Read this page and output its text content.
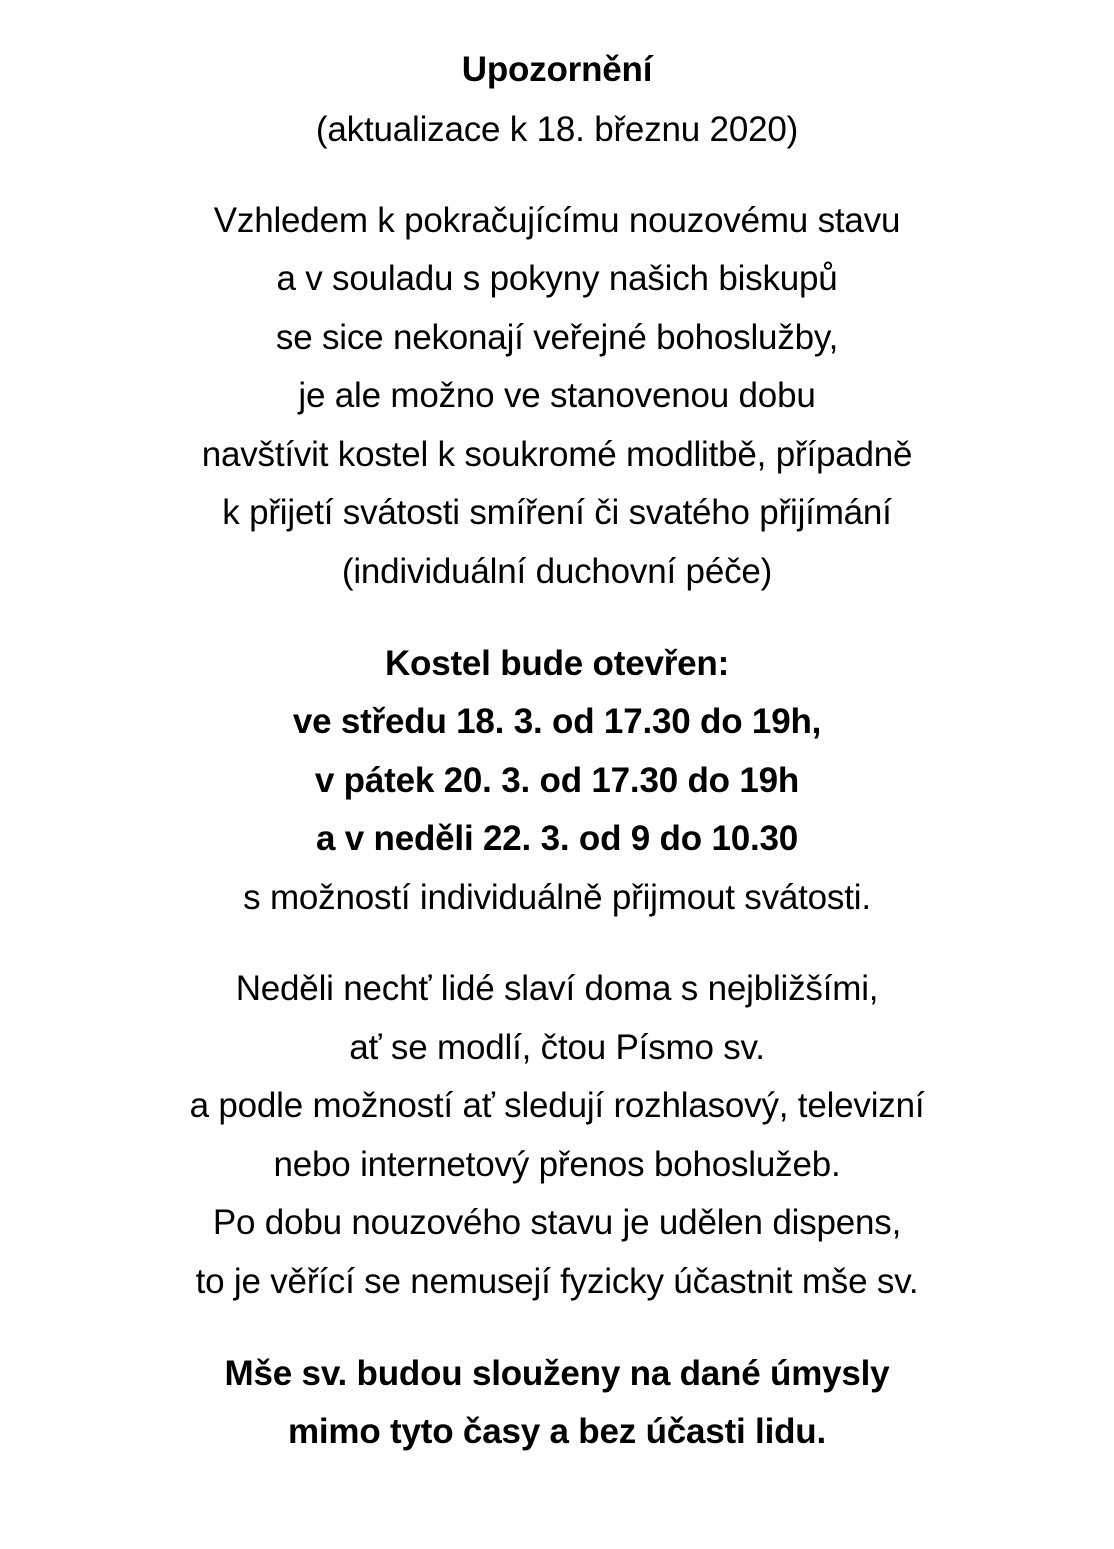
Upozornění
(aktualizace k 18. březnu 2020)
Vzhledem k pokračujícímu nouzovému stavu
a v souladu s pokyny našich biskupů
se sice nekonají veřejné bohoslužby,
je ale možno ve stanovenou dobu
navštívit kostel k soukromé modlitbě, případně
k přijetí svátosti smíření či svatého přijímání
(individuální duchovní péče)
Kostel bude otevřen:
ve středu 18. 3. od 17.30 do 19h,
v pátek 20. 3. od 17.30 do 19h
a v neděli 22. 3. od 9 do 10.30
s možností individuálně přijmout svátosti.
Neděli nechť lidé slaví doma s nejbližšími,
ať se modlí, čtou Písmo sv.
a podle možností ať sledují rozhlasový, televizní
nebo internetový přenos bohoslužeb.
Po dobu nouzového stavu je udělen dispens,
to je věřící se nemusejí fyzicky účastnit mše sv.
Mše sv. budou slouženy na dané úmysly
mimo tyto časy a bez účasti lidu.
